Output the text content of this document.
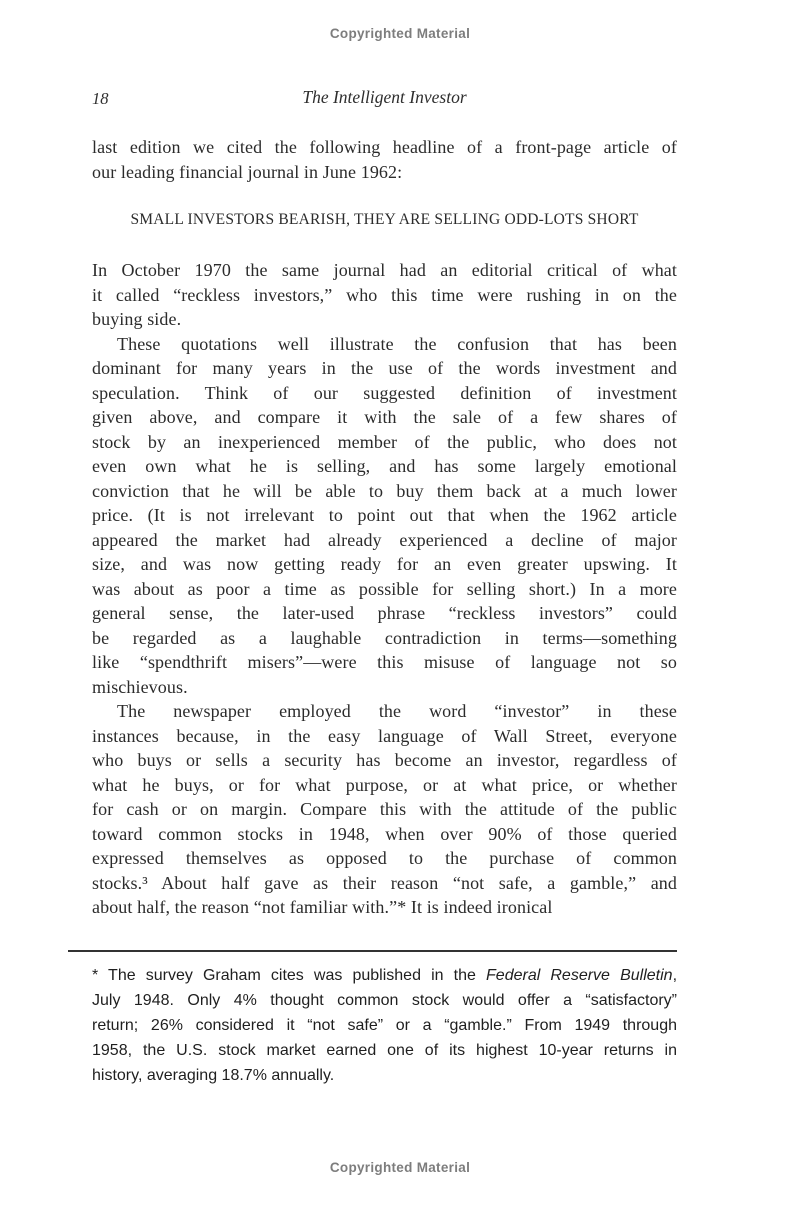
Copyrighted Material
18	The Intelligent Investor
last edition we cited the following headline of a front-page article of
our leading financial journal in June 1962:
SMALL INVESTORS BEARISH, THEY ARE SELLING ODD-LOTS SHORT
In October 1970 the same journal had an editorial critical of what
it called “reckless investors,” who this time were rushing in on the
buying side.
These quotations well illustrate the confusion that has been
dominant for many years in the use of the words investment and
speculation. Think of our suggested definition of investment
given above, and compare it with the sale of a few shares of
stock by an inexperienced member of the public, who does not
even own what he is selling, and has some largely emotional
conviction that he will be able to buy them back at a much lower
price. (It is not irrelevant to point out that when the 1962 article
appeared the market had already experienced a decline of major
size, and was now getting ready for an even greater upswing. It
was about as poor a time as possible for selling short.) In a more
general sense, the later-used phrase “reckless investors” could
be regarded as a laughable contradiction in terms—something
like “spendthrift misers”—were this misuse of language not so
mischievous.
The newspaper employed the word “investor” in these
instances because, in the easy language of Wall Street, everyone
who buys or sells a security has become an investor, regardless of
what he buys, or for what purpose, or at what price, or whether
for cash or on margin. Compare this with the attitude of the public
toward common stocks in 1948, when over 90% of those queried
expressed themselves as opposed to the purchase of common
stocks.³ About half gave as their reason “not safe, a gamble,” and
about half, the reason “not familiar with.”* It is indeed ironical
* The survey Graham cites was published in the Federal Reserve Bulletin,
July 1948. Only 4% thought common stock would offer a “satisfactory”
return; 26% considered it “not safe” or a “gamble.” From 1949 through
1958, the U.S. stock market earned one of its highest 10-year returns in
history, averaging 18.7% annually.
Copyrighted Material
